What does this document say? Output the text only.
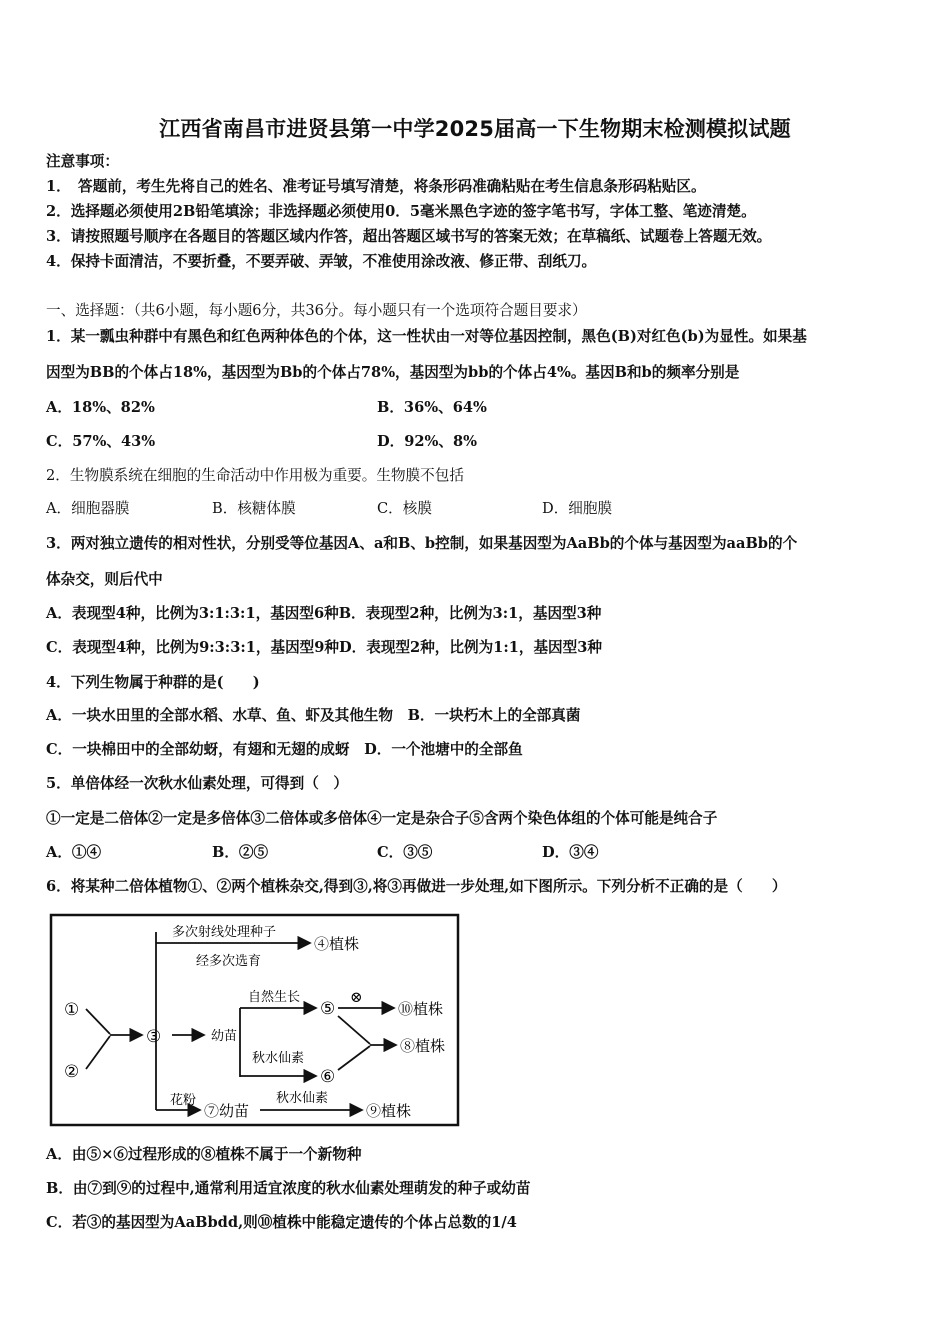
江西省南昌市进贤县第一中学2025届高一下生物期末检测模拟试题
注意事项：
1．　答题前，考生先将自己的姓名、准考证号填写清楚，将条形码准确粘贴在考生信息条形码粘贴区。
2．选择题必须使用2B铅笔填涂；非选择题必须使用0．5毫米黑色字迹的签字笔书写，字体工整、笔迹清楚。
3．请按照题号顺序在各题目的答题区域内作答，超出答题区域书写的答案无效；在草稿纸、试题卷上答题无效。
4．保持卡面清洁，不要折叠，不要弄破、弄皱，不准使用涂改液、修正带、刮纸刀。
一、选择题：（共6小题，每小题6分，共36分。每小题只有一个选项符合题目要求）
1．某一瓢虫种群中有黑色和红色两种体色的个体，这一性状由一对等位基因控制，黑色(B)对红色(b)为显性。如果基
因型为BB的个体占18%，基因型为Bb的个体占78%，基因型为bb的个体占4%。基因B和b的频率分别是
A．18%、82%	B．36%、64%
C．57%、43%	D．92%、8%
2．生物膜系统在细胞的生命活动中作用极为重要。生物膜不包括
A．细胞器膜	B．核糖体膜	C．核膜	D．细胞膜
3．两对独立遗传的相对性状，分别受等位基因A、a和B、b控制，如果基因型为AaBb的个体与基因型为aaBb的个
体杂交，则后代中
A．表现型4种，比例为3:1:3:1，基因型6种B．表现型2种，比例为3:1，基因型3种
C．表现型4种，比例为9:3:3:1，基因型9种D．表现型2种，比例为1:1，基因型3种
4．下列生物属于种群的是(　　)
A．一块水田里的全部水稻、水草、鱼、虾及其他生物　B．一块朽木上的全部真菌
C．一块棉田中的全部幼蚜，有翅和无翅的成蚜　D．一个池塘中的全部鱼
5．单倍体经一次秋水仙素处理，可得到（　）
①一定是二倍体②一定是多倍体③二倍体或多倍体④一定是杂合子⑤含两个染色体组的个体可能是纯合子
A．①④	B．②⑤	C．③⑤	D．③④
6．将某种二倍体植物①、②两个植株杂交,得到③,将③再做进一步处理,如下图所示。下列分析不正确的是（　　）
①
②
③
多次射线处理种子
经多次选育
④植株
幼苗
自然生长
⑤
⊗
秋水仙素
⑥
⑩植株
⑧植株
花粉
⑦幼苗
秋水仙素
⑨植株
A．由⑤×⑥过程形成的⑧植株不属于一个新物种
B．由⑦到⑨的过程中,通常利用适宜浓度的秋水仙素处理萌发的种子或幼苗
C．若③的基因型为AaBbdd,则⑩植株中能稳定遗传的个体占总数的1/4
